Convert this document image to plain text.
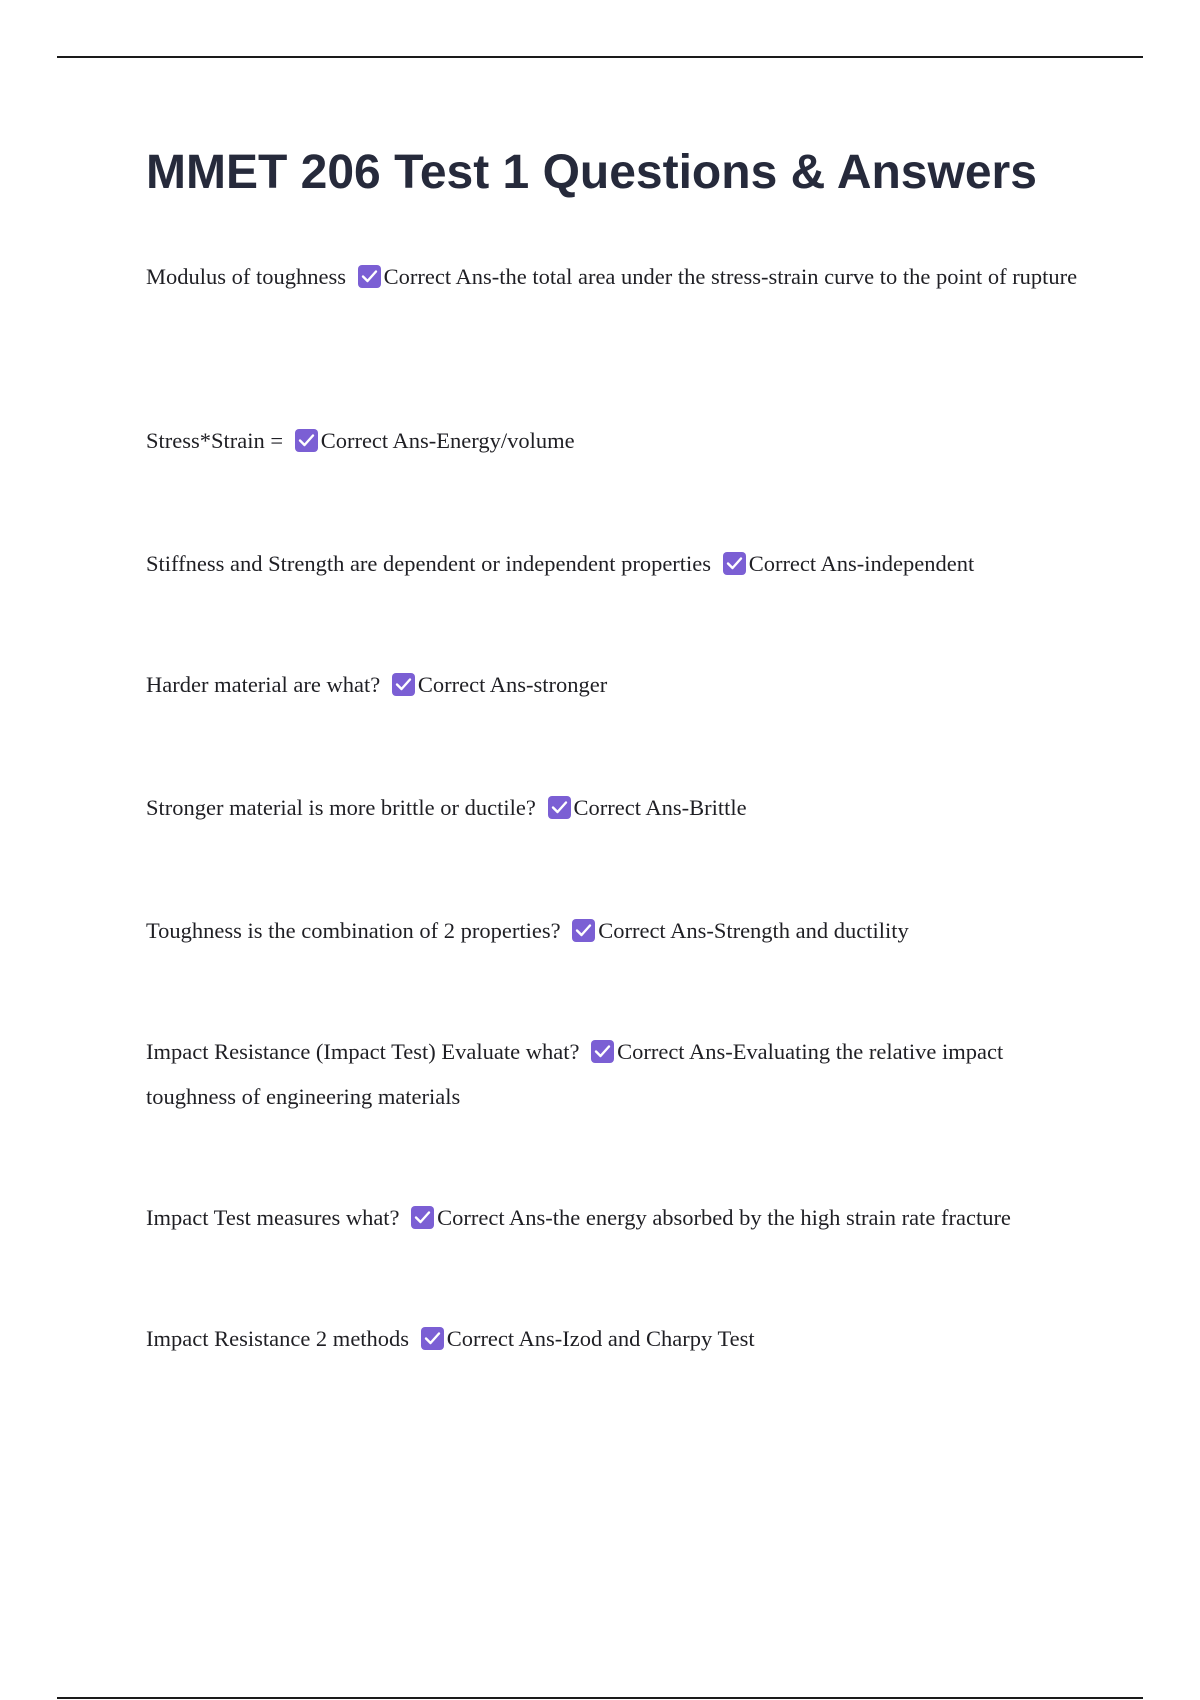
MMET 206 Test 1 Questions & Answers
Modulus of toughness Correct Ans-the total area under the stress-strain curve to the point of rupture
Stress*Strain = Correct Ans-Energy/volume
Stiffness and Strength are dependent or independent properties Correct Ans-independent
Harder material are what? Correct Ans-stronger
Stronger material is more brittle or ductile? Correct Ans-Brittle
Toughness is the combination of 2 properties? Correct Ans-Strength and ductility
Impact Resistance (Impact Test) Evaluate what? Correct Ans-Evaluating the relative impact toughness of engineering materials
Impact Test measures what? Correct Ans-the energy absorbed by the high strain rate fracture
Impact Resistance 2 methods Correct Ans-Izod and Charpy Test
